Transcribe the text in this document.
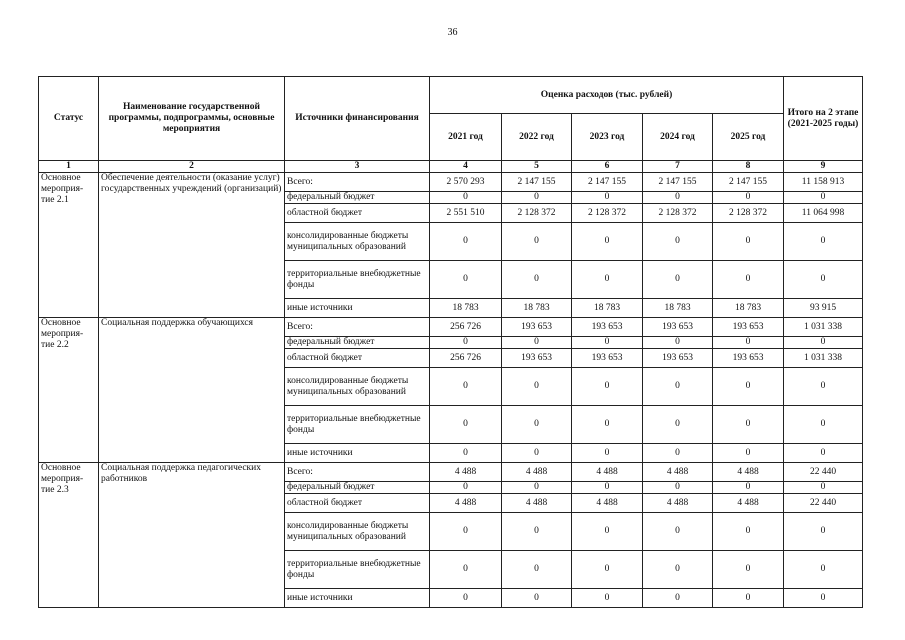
36
Статус	Наименование государственной программы, подпрограммы, основные мероприятия	Источники финансирования	Оценка расходов (тыс. рублей)					Итого на 2 этапе (2021-2025 годы)
			2021 год	2022 год	2023 год	2024 год	2025 год	
1	2	3	4	5	6	7	8	9
Основное мероприя-тие 2.1	Обеспечение деятельности (оказание услуг) государственных учреждений (организаций)	Всего:	2 570 293	2 147 155	2 147 155	2 147 155	2 147 155	11 158 913
		федеральный бюджет	0	0	0	0	0	0
		областной бюджет	2 551 510	2 128 372	2 128 372	2 128 372	2 128 372	11 064 998
		консолидированные бюджеты муниципальных образований	0	0	0	0	0	0
		территориальные внебюджетные фонды	0	0	0	0	0	0
		иные источники	18 783	18 783	18 783	18 783	18 783	93 915
Основное мероприя-тие 2.2	Социальная поддержка обучающихся	Всего:	256 726	193 653	193 653	193 653	193 653	1 031 338
		федеральный бюджет	0	0	0	0	0	0
		областной бюджет	256 726	193 653	193 653	193 653	193 653	1 031 338
		консолидированные бюджеты муниципальных образований	0	0	0	0	0	0
		территориальные внебюджетные фонды	0	0	0	0	0	0
		иные источники	0	0	0	0	0	0
Основное мероприя-тие 2.3	Социальная поддержка педагогических работников	Всего:	4 488	4 488	4 488	4 488	4 488	22 440
		федеральный бюджет	0	0	0	0	0	0
		областной бюджет	4 488	4 488	4 488	4 488	4 488	22 440
		консолидированные бюджеты муниципальных образований	0	0	0	0	0	0
		территориальные внебюджетные фонды	0	0	0	0	0	0
		иные источники	0	0	0	0	0	0
